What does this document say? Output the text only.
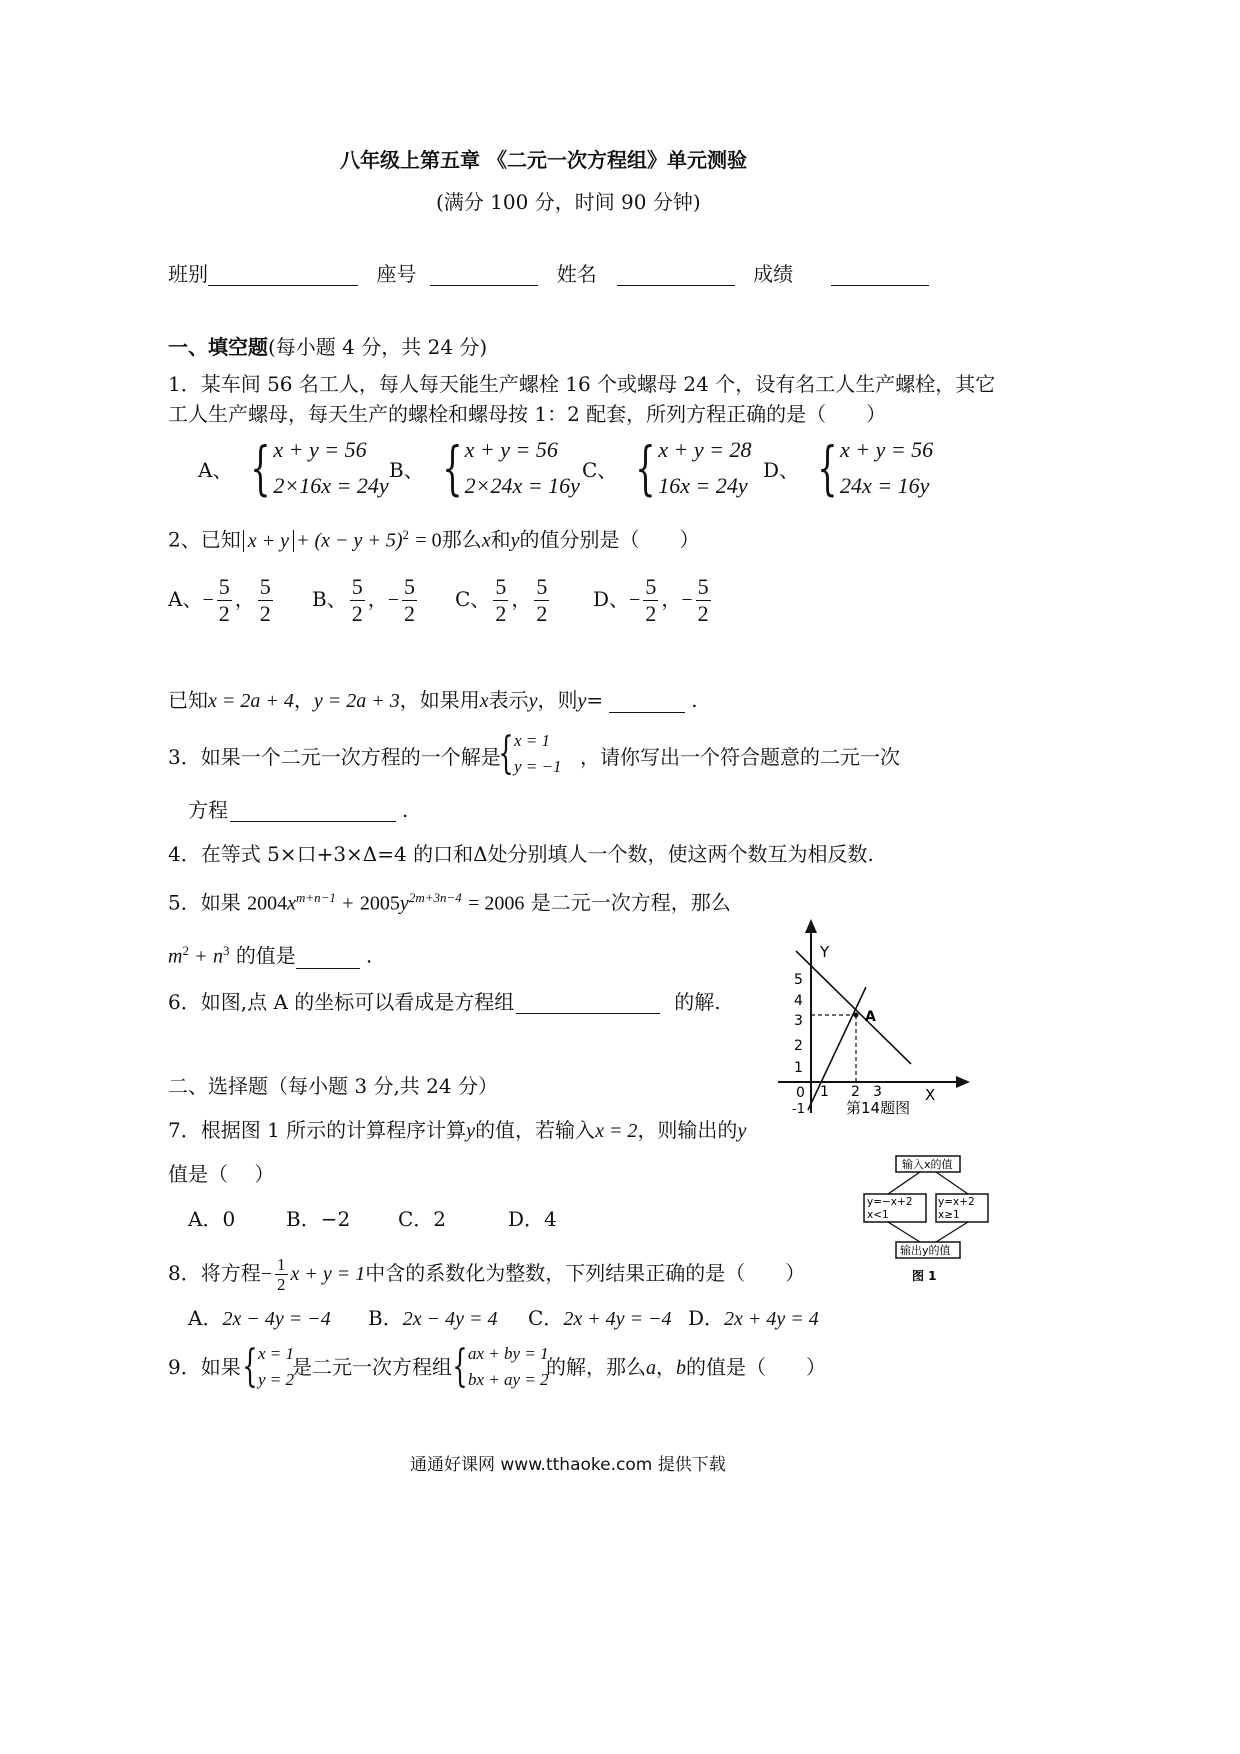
八年级上第五章 《二元一次方程组》单元测验
(满分 100 分，时间 90 分钟)
班别	座号	姓名	成绩
一、填空题(每小题 4 分，共 24 分)
1．某车间 56 名工人，每人每天能生产螺栓 16 个或螺母 24 个，设有名工人生产螺栓，其它
工人生产螺母，每天生产的螺栓和螺母按 1：2 配套，所列方程正确的是（　　）
A、 { x + y = 56
2×16x = 24y
B、 { x + y = 56
2×24x = 16y
C、 { x + y = 28
16x = 24y
D、 { x + y = 56
24x = 16y
2、已知 $x + y + (x - y + 5)^2 = 0$那么x和y的值分别是（　　）
A、− $\frac{5}{2}$ ， $\frac{5}{2}$ B、 $\frac{5}{2}$ ，− $\frac{5}{2}$ C、 $\frac{5}{2}$ ， $\frac{5}{2}$ D、− $\frac{5}{2}$ ，− $\frac{5}{2}$
已知x = 2a + 4，y = 2a + 3，如果用x表示y，则y=	.
3．如果一个二元一次方程的一个解是
{ x = 1
y = −1 ，请你写出一个符合题意的二元一次
方程	.
4．在等式 5×口+3×Δ=4 的口和Δ处分别填人一个数，使这两个数互为相反数.
5．如果 $2004x^{m+n-1} + 2005y^{2m+3n-4} = 2006$ 是二元一次方程，那么
$m^2 + n^3$ 的值是	.
6．如图,点 A 的坐标可以看成是方程组	的解.
Y
X
A
5
4
3
2
1
0
-1
1 2 3
第14题图
二、选择题（每小题 3 分,共 24 分）
7．根据图 1 所示的计算程序计算y的值，若输入x = 2，则输出的y
值是（　 ）
A．0	B．−2 C．2	D．4
输入x的值
y=−x+2
x<1
y=x+2
x≥1
输出y的值
图 1
8．将方程− $\frac{1}{2}$ x + y = 1中含的系数化为整数，下列结果正确的是（　　）
A．2x − 4y = −4 B．2x − 4y = 4 C．2x + 4y = −4 D．2x + 4y = 4
9．如果 { x = 1
y = 2
是二元一次方程组 { ax + by = 1
bx + ay = 2
的解，那么a，b的值是（　　）
通通好课网 www.tthaoke.com 提供下载
